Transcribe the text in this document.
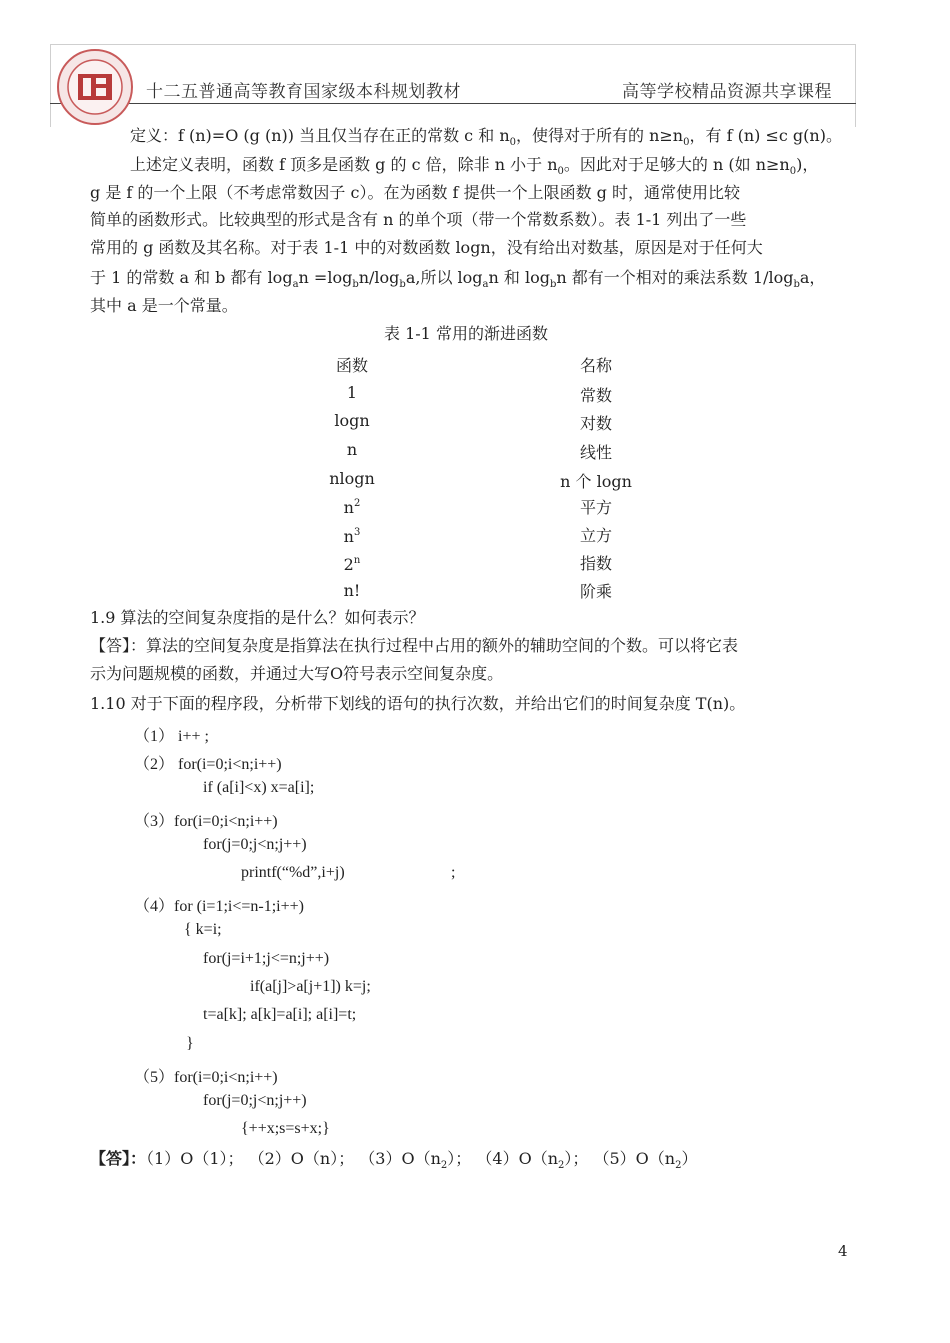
十二五普通高等教育国家级本科规划教材	高等学校精品资源共享课程
定义：f (n)=O (g (n)) 当且仅当存在正的常数 c 和 $n_0$，使得对于所有的 $n\ge n_0$，有 f (n) ≤c g(n)。
上述定义表明，函数 f 顶多是函数 g 的 c 倍，除非 n 小于 $n_0$。因此对于足够大的 n (如 $n\ge n_0$)，
g 是 f 的一个上限（不考虑常数因子 c）。在为函数 f 提供一个上限函数 g 时，通常使用比较
简单的函数形式。比较典型的形式是含有 n 的单个项（带一个常数系数）。表 1-1 列出了一些
常用的 g 函数及其名称。对于表 1-1 中的对数函数 logn，没有给出对数基，原因是对于任何大
于 1 的常数 a 和 b 都有 $\log_an =\log_bn/\log_ba$,所以 $\log_an$ 和 $\log_bn$ 都有一个相对的乘法系数 $1/\log_ba$，
其中 a 是一个常量。
表 1-1 常用的渐进函数
函数	名称
1	常数
logn	对数
n	线性
nlogn	n 个 logn
$n^2$	平方
$n^3$	立方
2$^n$	指数
n!	阶乘
1.9 算法的空间复杂度指的是什么？如何表示？
【答】：算法的空间复杂度是指算法在执行过程中占用的额外的辅助空间的个数。可以将它表
示为问题规模的函数，并通过大写O符号表示空间复杂度。
1.10 对于下面的程序段，分析带下划线的语句的执行次数，并给出它们的时间复杂度 T(n)。
（1） i++ ;
（2） for(i=0;i<n;i++)
if (a[i]<x) x=a[i];
（3）for(i=0;i<n;i++)
for(j=0;j<n;j++)
printf(“%d”,i+j)	;
（4）for (i=1;i<=n-1;i++)
{ k=i;
for(j=i+1;j<=n;j++)
if(a[j]>a[j+1]) k=j;
t=a[k]; a[k]=a[i]; a[i]=t;
}
（5）for(i=0;i<n;i++)
for(j=0;j<n;j++)
{++x;s=s+x;}
【答】：（1）O（1）； （2）O（n）； $(3)O(n_2)$； $(4)O(n_2)$； $(5)O(n_2)$
4
